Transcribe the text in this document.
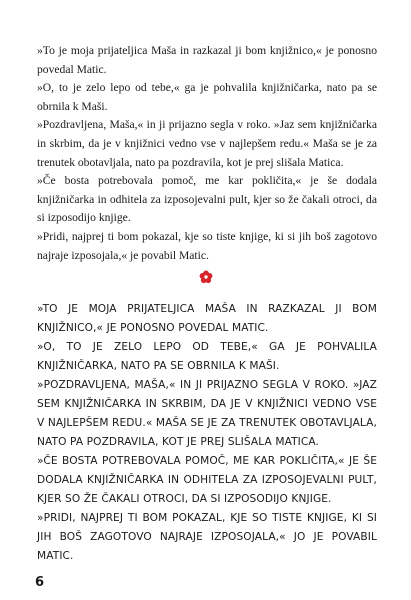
»To je moja prijateljica Maša in razkazal ji bom knjižnico,« je ponosno povedal Matic.

»O, to je zelo lepo od tebe,« ga je pohvalila knjižničarka, nato pa se obrnila k Maši.

»Pozdravljena, Maša,« in ji prijazno segla v roko. »Jaz sem knjižničarka in skrbim, da je v knjižnici vedno vse v najlepšem redu.« Maša se je za trenutek obotavljala, nato pa pozdravila, kot je prej slišala Matica.

»Če bosta potrebovala pomoč, me kar pokličita,« je še dodala knjižničarka in odhitela za izposojevalni pult, kjer so že čakali otroci, da si izposodijo knjige.

»Pridi, najprej ti bom pokazal, kje so tiste knjige, ki si jih boš zagotovo najraje izposojala,« je povabil Matic.

»TO JE MOJA PRIJATELJICA MAŠA IN RAZKAZAL JI BOM KNJIŽNICO,« JE PONOSNO POVEDAL MATIC.

»O, TO JE ZELO LEPO OD TEBE,« GA JE POHVALILA KNJIŽNIČARKA, NATO PA SE OBRNILA K MAŠI.

»POZDRAVLJENA, MAŠA,« IN JI PRIJAZNO SEGLA V ROKO. »JAZ SEM KNJIŽNIČARKA IN SKRBIM, DA JE V KNJIŽNICI VEDNO VSE V NAJLEPŠEM REDU.« MAŠA SE JE ZA TRENUTEK OBOTAVLJALA, NATO PA POZDRAVILA, KOT JE PREJ SLIŠALA MATICA.

»ČE BOSTA POTREBOVALA POMOČ, ME KAR POKLIČITA,« JE ŠE DODALA KNJIŽNIČARKA IN ODHITELA ZA IZPOSOJEVALNI PULT, KJER SO ŽE ČAKALI OTROCI, DA SI IZPOSODIJO KNJIGE.

»PRIDI, NAJPREJ TI BOM POKAZAL, KJE SO TISTE KNJIGE, KI SI JIH BOŠ ZAGOTOVO NAJRAJE IZPOSOJALA,« JO JE POVABIL MATIC.

6
